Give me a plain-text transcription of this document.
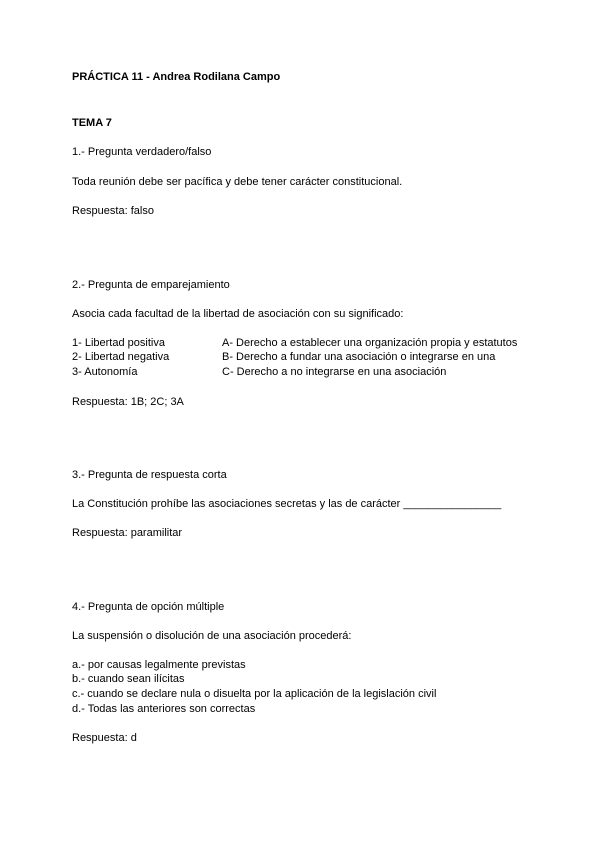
PRÁCTICA 11 - Andrea Rodilana Campo
TEMA 7
1.- Pregunta verdadero/falso
Toda reunión debe ser pacífica y debe tener carácter constitucional.
Respuesta: falso
2.- Pregunta de emparejamiento
Asocia cada facultad de la libertad de asociación con su significado:
1- Libertad positiva	A- Derecho a establecer una organización propia y estatutos
2- Libertad negativa	B- Derecho a fundar una asociación o integrarse en una
3- Autonomía	C- Derecho a no integrarse en una asociación
Respuesta: 1B; 2C; 3A
3.- Pregunta de respuesta corta
La Constitución prohíbe las asociaciones secretas y las de carácter ________________
Respuesta: paramilitar
4.- Pregunta de opción múltiple
La suspensión o disolución de una asociación procederá:
a.- por causas legalmente previstas
b.- cuando sean ilícitas
c.- cuando se declare nula o disuelta por la aplicación de la legislación civil
d.- Todas las anteriores son correctas
Respuesta: d
